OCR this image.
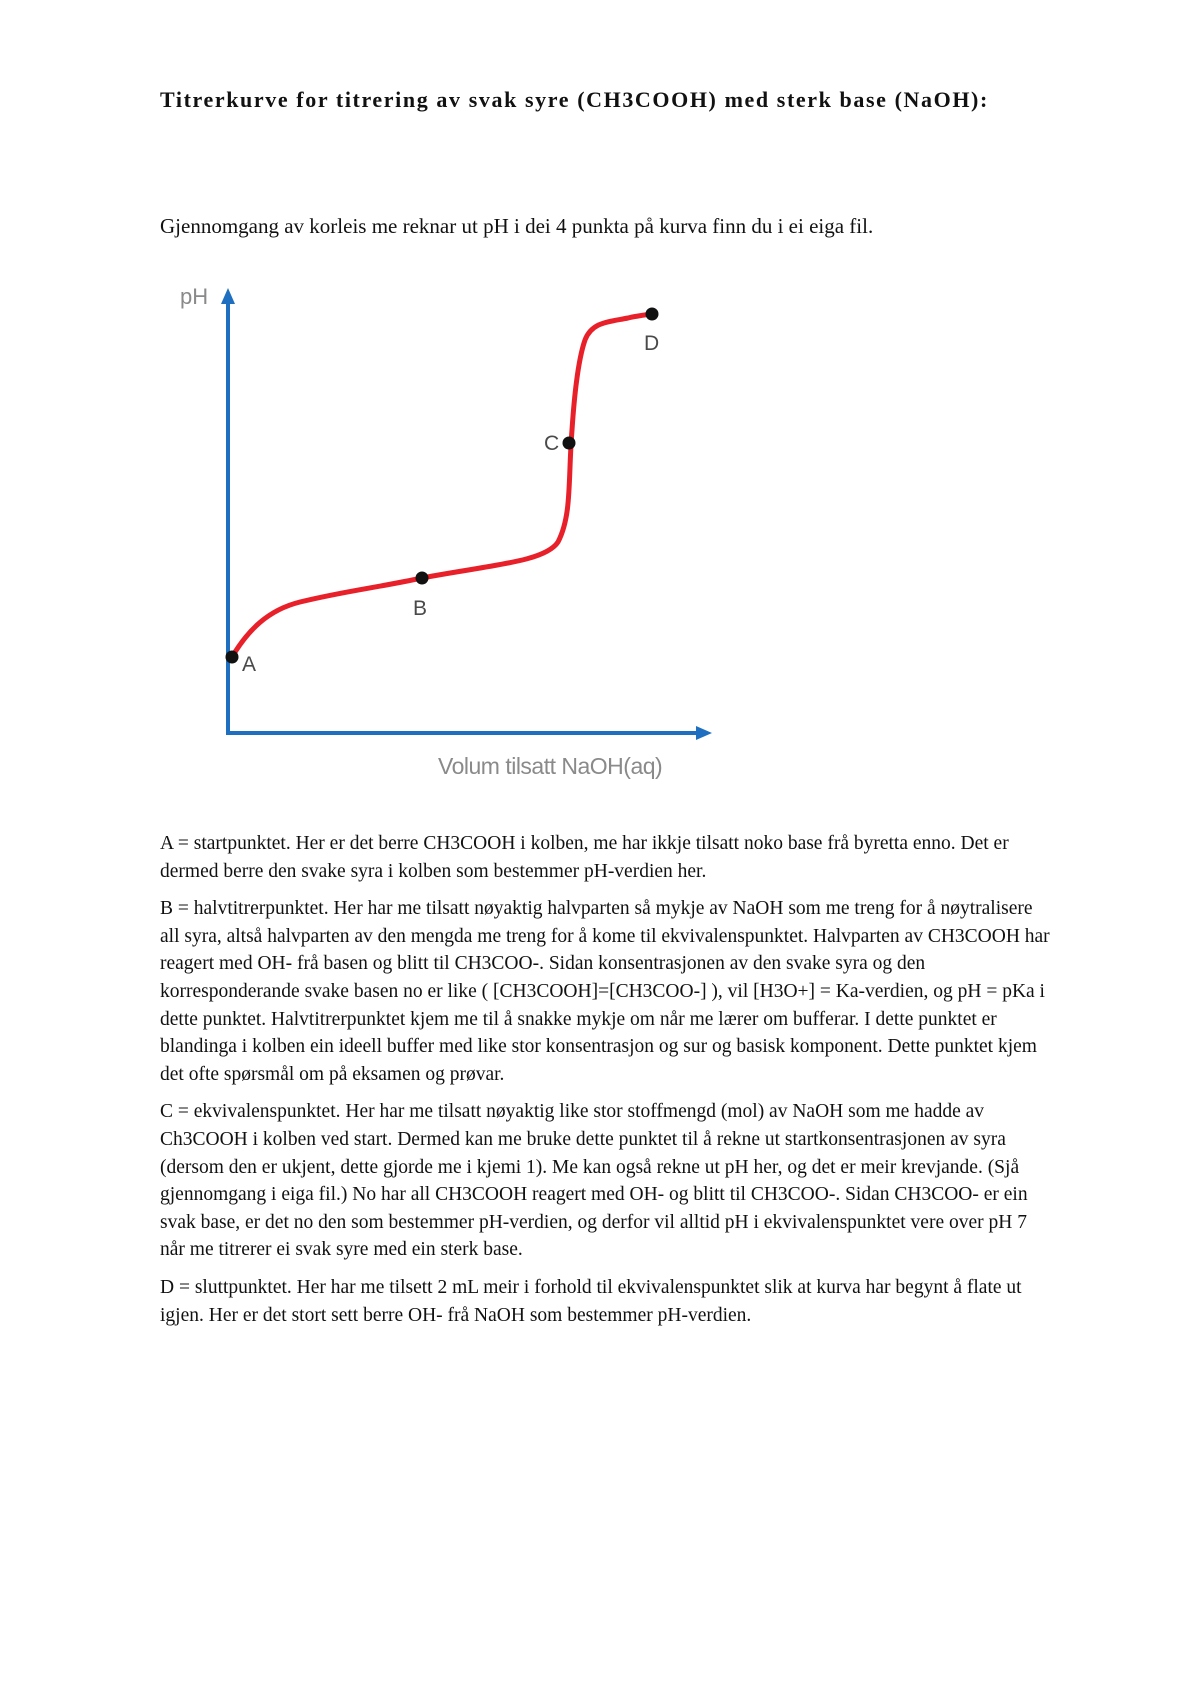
Titrerkurve for titrering av svak syre (CH3COOH) med sterk base (NaOH):

Gjennomgang av korleis me reknar ut pH i dei 4 punkta på kurva finn du i ei eiga fil.

pH
Volum tilsatt NaOH(aq)
A
B
C
D

A = startpunktet. Her er det berre CH3COOH i kolben, me har ikkje tilsatt noko base frå byretta enno. Det er dermed berre den svake syra i kolben som bestemmer pH-verdien her.

B = halvtitrerpunktet. Her har me tilsatt nøyaktig halvparten så mykje av NaOH som me treng for å nøytralisere all syra, altså halvparten av den mengda me treng for å kome til ekvivalenspunktet. Halvparten av CH3COOH har reagert med OH- frå basen og blitt til CH3COO-. Sidan konsentrasjonen av den svake syra og den korresponderande svake basen no er like ( [CH3COOH]=[CH3COO-] ), vil [H3O+] = Ka-verdien, og pH = pKa i dette punktet. Halvtitrerpunktet kjem me til å snakke mykje om når me lærer om bufferar. I dette punktet er blandinga i kolben ein ideell buffer med like stor konsentrasjon og sur og basisk komponent. Dette punktet kjem det ofte spørsmål om på eksamen og prøvar.

C = ekvivalenspunktet. Her har me tilsatt nøyaktig like stor stoffmengd (mol) av NaOH som me hadde av Ch3COOH i kolben ved start. Dermed kan me bruke dette punktet til å rekne ut startkonsentrasjonen av syra (dersom den er ukjent, dette gjorde me i kjemi 1). Me kan også rekne ut pH her, og det er meir krevjande. (Sjå gjennomgang i eiga fil.) No har all CH3COOH reagert med OH- og blitt til CH3COO-. Sidan CH3COO- er ein svak base, er det no den som bestemmer pH-verdien, og derfor vil alltid pH i ekvivalenspunktet vere over pH 7 når me titrerer ei svak syre med ein sterk base.

D = sluttpunktet. Her har me tilsett 2 mL meir i forhold til ekvivalenspunktet slik at kurva har begynt å flate ut igjen. Her er det stort sett berre OH- frå NaOH som bestemmer pH-verdien.
